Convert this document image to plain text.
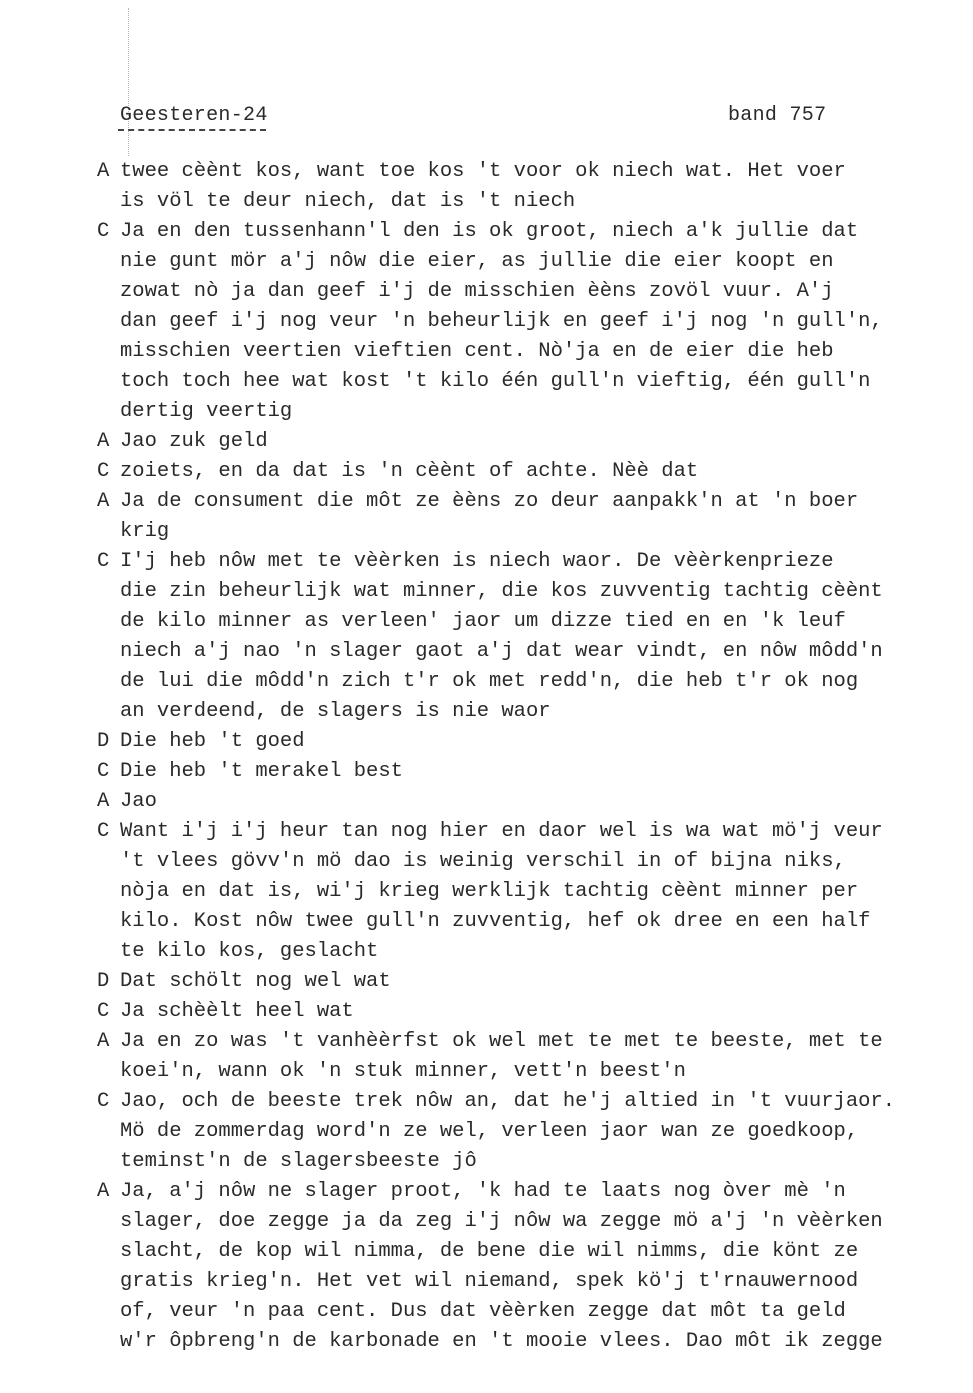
Geesteren-24	band 757
A twee cèènt kos, want toe kos 't voor ok niech wat. Het voer
is völ te deur niech, dat is 't niech
C Ja en den tussenhann'l den is ok groot, niech a'k jullie dat
nie gunt mör a'j nôw die eier, as jullie die eier koopt en
zowat nò ja dan geef i'j de misschien èèns zovöl vuur. A'j
dan geef i'j nog veur 'n beheurlijk en geef i'j nog 'n gull'n,
misschien veertien vieftien cent. Nò'ja en de eier die heb
toch toch hee wat kost 't kilo één gull'n vieftig, één gull'n
dertig veertig
A Jao zuk geld
C zoiets, en da dat is 'n cèènt of achte. Nèè dat
A Ja de consument die môt ze èèns zo deur aanpakk'n at 'n boer
krig
C I'j heb nôw met te vèèrken is niech waor. De vèèrkenprieze
die zin beheurlijk wat minner, die kos zuvventig tachtig cèènt
de kilo minner as verleen' jaor um dizze tied en en 'k leuf
niech a'j nao 'n slager gaot a'j dat wear vindt, en nôw môdd'n
de lui die môdd'n zich t'r ok met redd'n, die heb t'r ok nog
an verdeend, de slagers is nie waor
D Die heb 't goed
C Die heb 't merakel best
A Jao
C Want i'j i'j heur tan nog hier en daor wel is wa wat mö'j veur
't vlees gövv'n mö dao is weinig verschil in of bijna niks,
nòja en dat is, wi'j krieg werklijk tachtig cèènt minner per
kilo. Kost nôw twee gull'n zuvventig, hef ok dree en een half
te kilo kos, geslacht
D Dat schölt nog wel wat
C Ja schèèlt heel wat
A Ja en zo was 't vanhèèrfst ok wel met te met te beeste, met te
koei'n, wann ok 'n stuk minner, vett'n beest'n
C Jao, och de beeste trek nôw an, dat he'j altied in 't vuurjaor.
Mö de zommerdag word'n ze wel, verleen jaor wan ze goedkoop,
teminst'n de slagersbeeste jô
A Ja, a'j nôw ne slager proot, 'k had te laats nog òver mè 'n
slager, doe zegge ja da zeg i'j nôw wa zegge mö a'j 'n vèèrken
slacht, de kop wil nimma, de bene die wil nimms, die könt ze
gratis krieg'n. Het vet wil niemand, spek kö'j t'rnauwernood
of, veur 'n paa cent. Dus dat vèèrken zegge dat môt ta geld
w'r ôpbreng'n de karbonade en 't mooie vlees. Dao môt ik zegge
